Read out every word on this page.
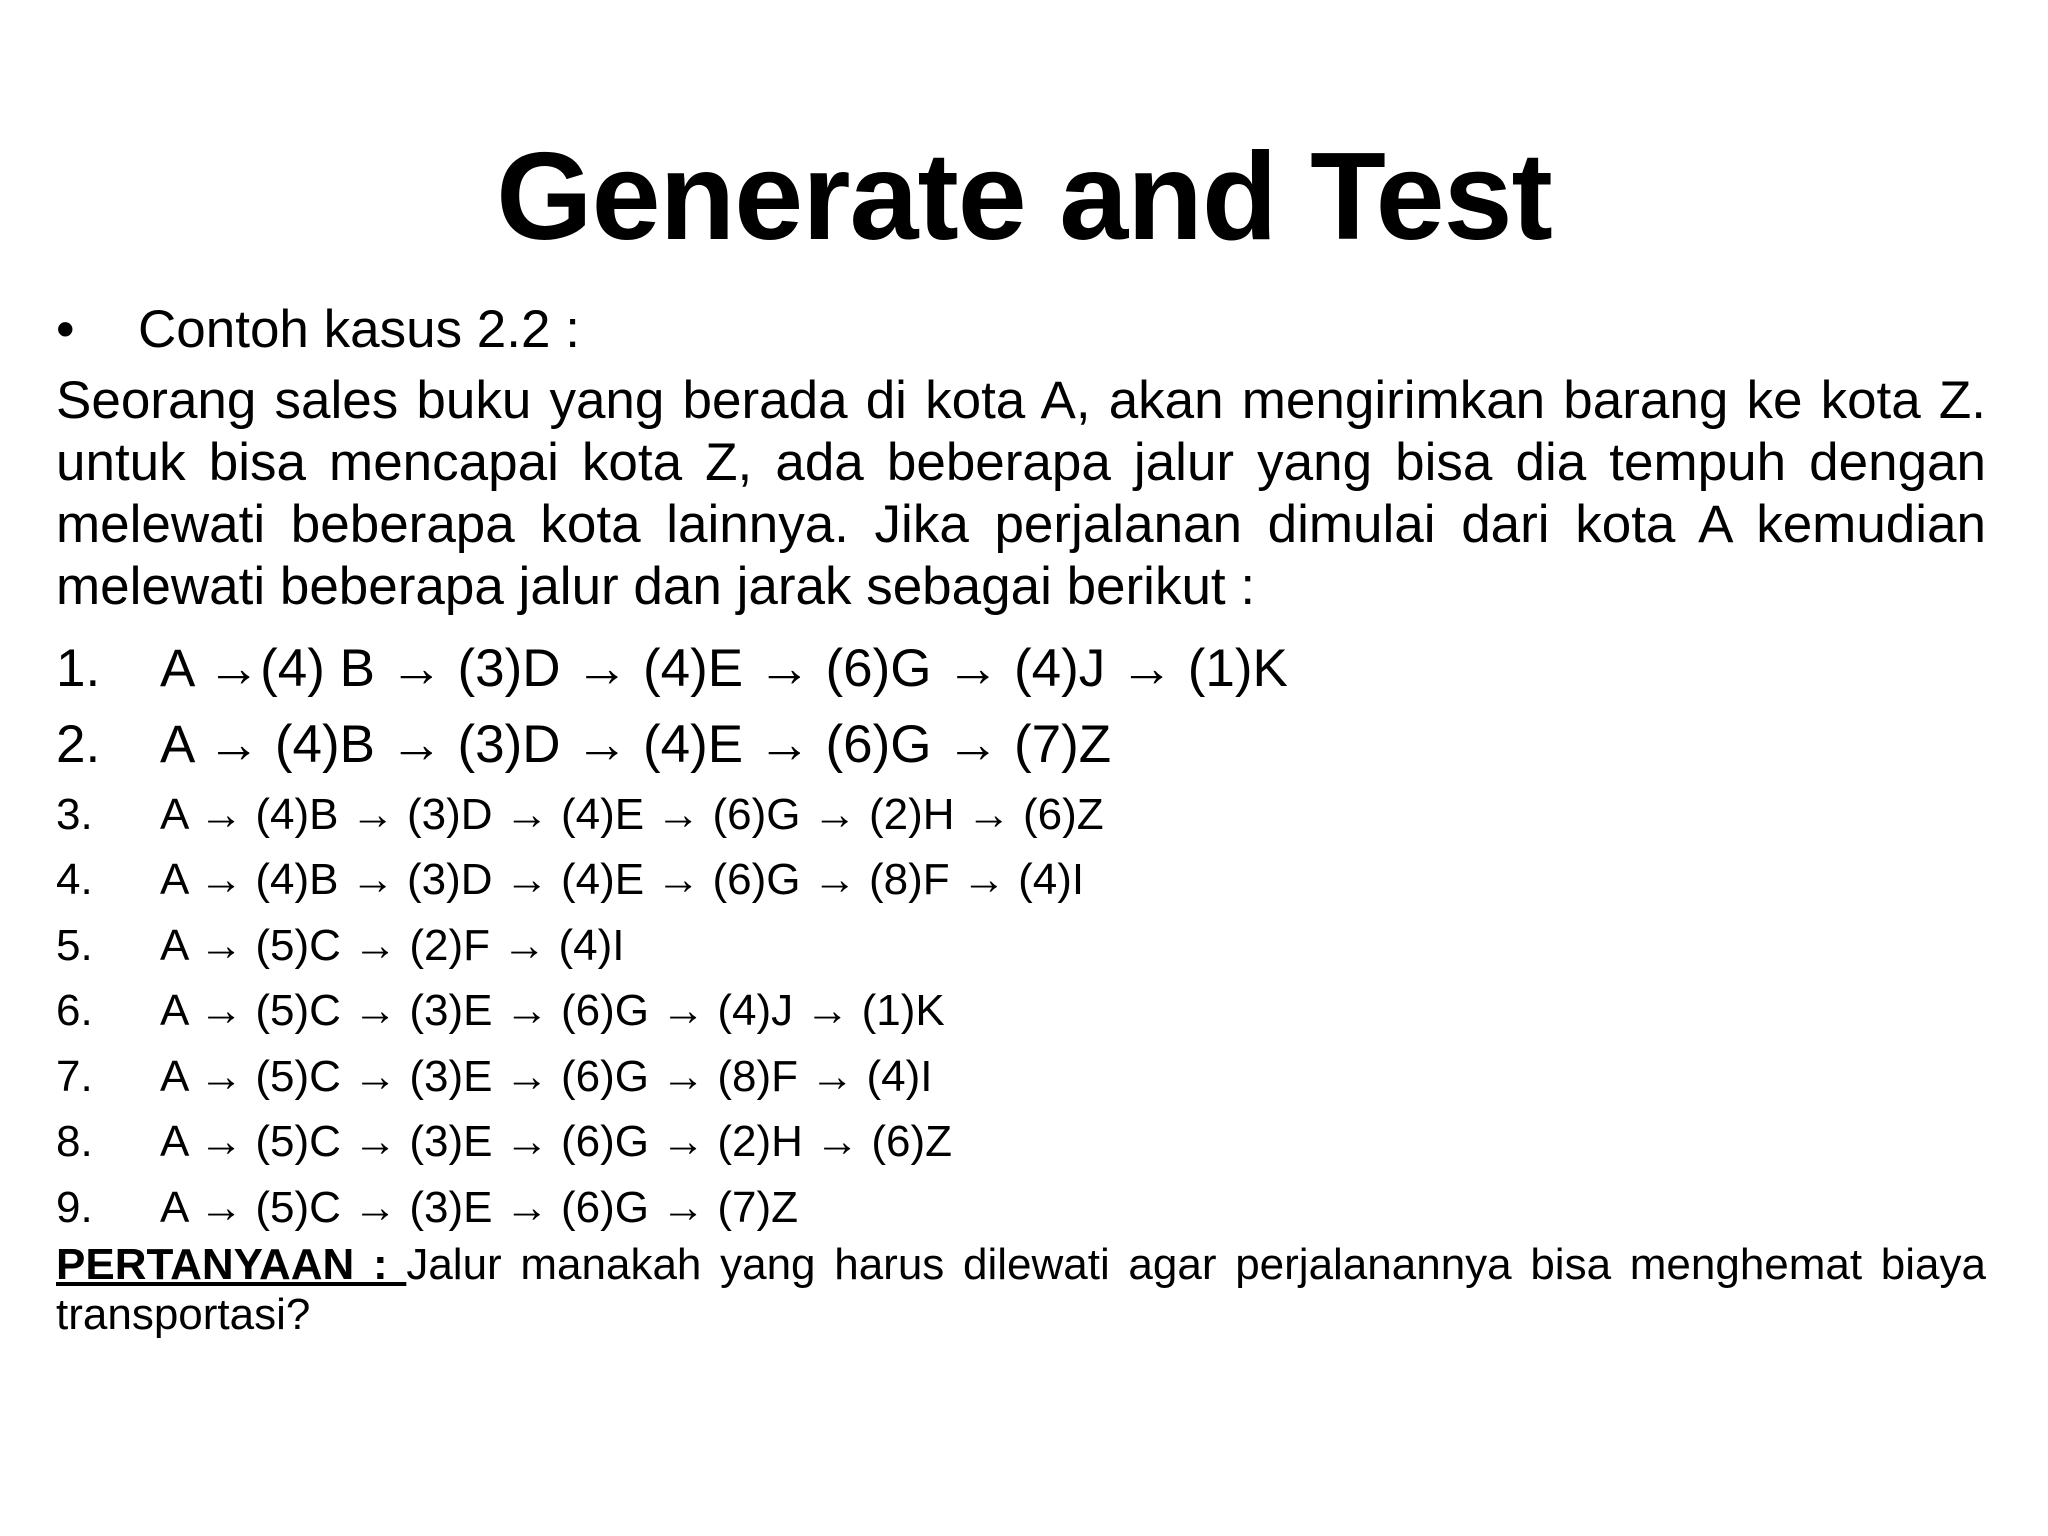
Generate and Test
• Contoh kasus 2.2 :
Seorang sales buku yang berada di kota A, akan mengirimkan barang ke kota Z. untuk bisa mencapai kota Z, ada beberapa jalur yang bisa dia tempuh dengan melewati beberapa kota lainnya. Jika perjalanan dimulai dari kota A kemudian melewati beberapa jalur dan jarak sebagai berikut :
1.	A →(4) B → (3)D → (4)E → (6)G → (4)J → (1)K
2.	A → (4)B → (3)D → (4)E → (6)G → (7)Z
3.	A → (4)B → (3)D → (4)E → (6)G → (2)H → (6)Z
4.	A → (4)B → (3)D → (4)E → (6)G → (8)F → (4)I
5.	A → (5)C → (2)F → (4)I
6.	A → (5)C → (3)E → (6)G → (4)J → (1)K
7.	A → (5)C → (3)E → (6)G → (8)F → (4)I
8.	A → (5)C → (3)E → (6)G → (2)H → (6)Z
9.	A → (5)C → (3)E → (6)G → (7)Z
PERTANYAAN : Jalur manakah yang harus dilewati agar perjalanannya bisa menghemat biaya transportasi?
